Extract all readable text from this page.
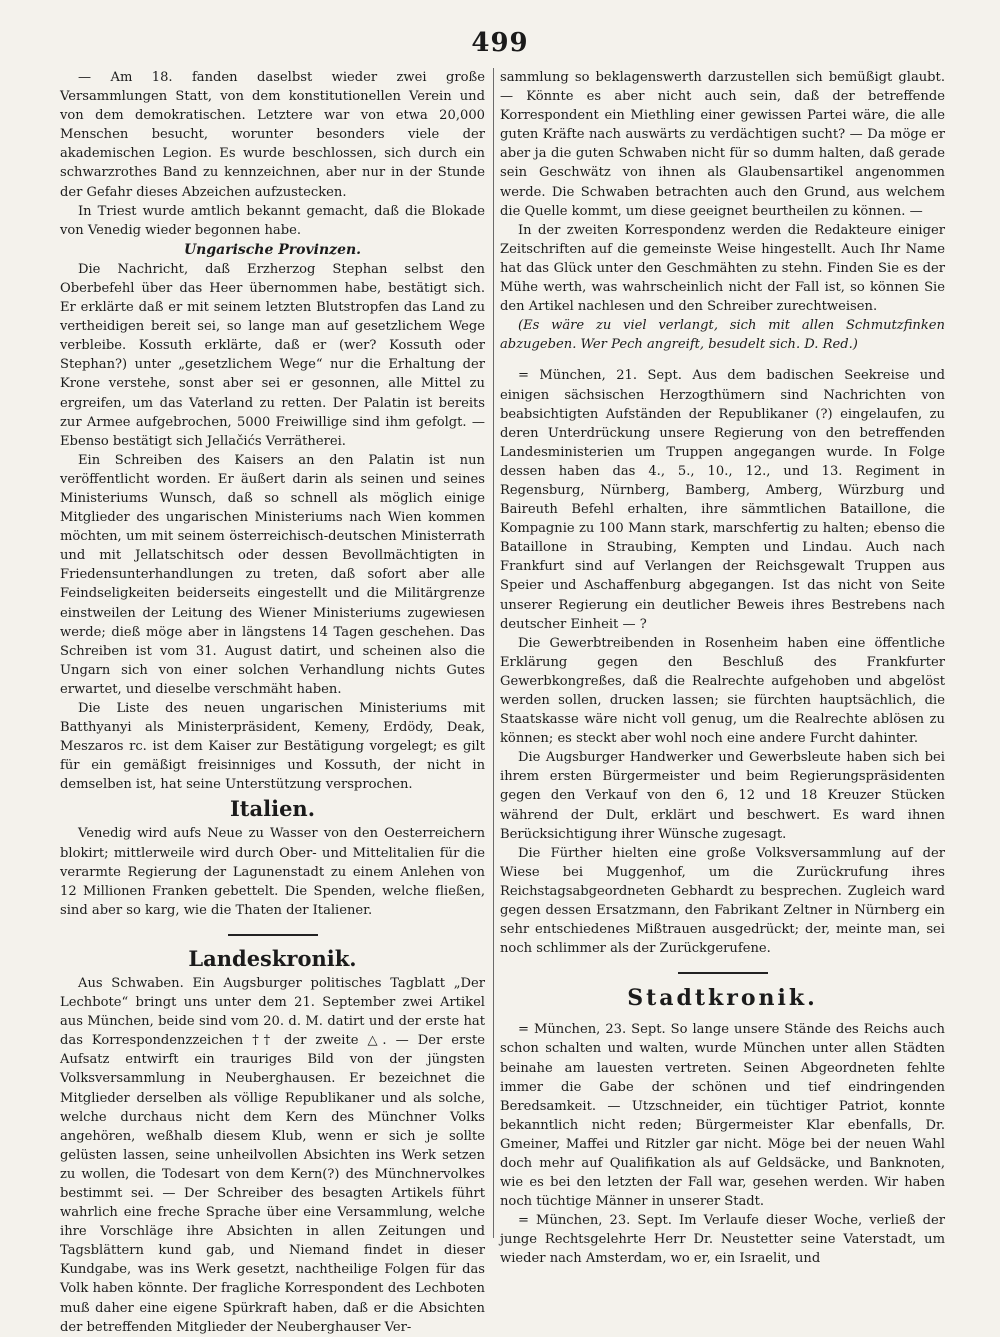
499

— Am 18. fanden daselbst wieder zwei große Versammlungen Statt, von dem konstitutionellen Verein und von dem demokratischen. Letztere war von etwa 20,000 Menschen besucht, worunter besonders viele der akademischen Legion. Es wurde beschlossen, sich durch ein schwarzrothes Band zu kennzeichnen, aber nur in der Stunde der Gefahr dieses Abzeichen aufzustecken.

In Triest wurde amtlich bekannt gemacht, daß die Blokade von Venedig wieder begonnen habe.

Ungarische Provinzen.

Die Nachricht, daß Erzherzog Stephan selbst den Oberbefehl über das Heer übernommen habe, bestätigt sich. Er erklärte daß er mit seinem letzten Blutstropfen das Land zu vertheidigen bereit sei, so lange man auf gesetzlichem Wege verbleibe. Kossuth erklärte, daß er (wer? Kossuth oder Stephan?) unter „gesetzlichem Wege“ nur die Erhaltung der Krone verstehe, sonst aber sei er gesonnen, alle Mittel zu ergreifen, um das Vaterland zu retten. Der Palatin ist bereits zur Armee aufgebrochen, 5000 Freiwillige sind ihm gefolgt. — Ebenso bestätigt sich Jellačićs Verrätherei.

Ein Schreiben des Kaisers an den Palatin ist nun veröffentlicht worden. Er äußert darin als seinen und seines Ministeriums Wunsch, daß so schnell als möglich einige Mitglieder des ungarischen Ministeriums nach Wien kommen möchten, um mit seinem österreichisch-deutschen Ministerrath und mit Jellatschitsch oder dessen Bevollmächtigten in Friedensunterhandlungen zu treten, daß sofort aber alle Feindseligkeiten beiderseits eingestellt und die Militärgrenze einstweilen der Leitung des Wiener Ministeriums zugewiesen werde; dieß möge aber in längstens 14 Tagen geschehen. Das Schreiben ist vom 31. August datirt, und scheinen also die Ungarn sich von einer solchen Verhandlung nichts Gutes erwartet, und dieselbe verschmäht haben.

Die Liste des neuen ungarischen Ministeriums mit Batthyanyi als Ministerpräsident, Kemeny, Erdödy, Deak, Meszaros rc. ist dem Kaiser zur Bestätigung vorgelegt; es gilt für ein gemäßigt freisinniges und Kossuth, der nicht in demselben ist, hat seine Unterstützung versprochen.

Italien.

Venedig wird aufs Neue zu Wasser von den Oesterreichern blokirt; mittlerweile wird durch Ober- und Mittelitalien für die verarmte Regierung der Lagunenstadt zu einem Anlehen von 12 Millionen Franken gebettelt. Die Spenden, welche fließen, sind aber so karg, wie die Thaten der Italiener.

Landeskronik.

Aus Schwaben. Ein Augsburger politisches Tagblatt „Der Lechbote“ bringt uns unter dem 21. September zwei Artikel aus München, beide sind vom 20. d. M. datirt und der erste hat das Korrespondenzzeichen †† der zweite △. — Der erste Aufsatz entwirft ein trauriges Bild von der jüngsten Volksversammlung in Neuberghausen. Er bezeichnet die Mitglieder derselben als völlige Republikaner und als solche, welche durchaus nicht dem Kern des Münchner Volks angehören, weßhalb diesem Klub, wenn er sich je sollte gelüsten lassen, seine unheilvollen Absichten ins Werk setzen zu wollen, die Todesart von dem Kern(?) des Münchnervolkes bestimmt sei. — Der Schreiber des besagten Artikels führt wahrlich eine freche Sprache über eine Versammlung, welche ihre Vorschläge ihre Absichten in allen Zeitungen und Tagsblättern kund gab, und Niemand findet in dieser Kundgabe, was ins Werk gesetzt, nachtheilige Folgen für das Volk haben könnte. Der fragliche Korrespondent des Lechboten muß daher eine eigene Spürkraft haben, daß er die Absichten der betreffenden Mitglieder der Neuberghauser Ver-

sammlung so beklagenswerth darzustellen sich bemüßigt glaubt. — Könnte es aber nicht auch sein, daß der betreffende Korrespondent ein Miethling einer gewissen Partei wäre, die alle guten Kräfte nach auswärts zu verdächtigen sucht? — Da möge er aber ja die guten Schwaben nicht für so dumm halten, daß gerade sein Geschwätz von ihnen als Glaubensartikel angenommen werde. Die Schwaben betrachten auch den Grund, aus welchem die Quelle kommt, um diese geeignet beurtheilen zu können. —

In der zweiten Korrespondenz werden die Redakteure einiger Zeitschriften auf die gemeinste Weise hingestellt. Auch Ihr Name hat das Glück unter den Geschmähten zu stehn. Finden Sie es der Mühe werth, was wahrscheinlich nicht der Fall ist, so können Sie den Artikel nachlesen und den Schreiber zurechtweisen.

(Es wäre zu viel verlangt, sich mit allen Schmutzfinken abzugeben. Wer Pech angreift, besudelt sich. D. Red.)

= München, 21. Sept. Aus dem badischen Seekreise und einigen sächsischen Herzogthümern sind Nachrichten von beabsichtigten Aufständen der Republikaner (?) eingelaufen, zu deren Unterdrückung unsere Regierung von den betreffenden Landesministerien um Truppen angegangen wurde. In Folge dessen haben das 4., 5., 10., 12., und 13. Regiment in Regensburg, Nürnberg, Bamberg, Amberg, Würzburg und Baireuth Befehl erhalten, ihre sämmtlichen Bataillone, die Kompagnie zu 100 Mann stark, marschfertig zu halten; ebenso die Bataillone in Straubing, Kempten und Lindau. Auch nach Frankfurt sind auf Verlangen der Reichsgewalt Truppen aus Speier und Aschaffenburg abgegangen. Ist das nicht von Seite unserer Regierung ein deutlicher Beweis ihres Bestrebens nach deutscher Einheit — ?

Die Gewerbtreibenden in Rosenheim haben eine öffentliche Erklärung gegen den Beschluß des Frankfurter Gewerbkongreßes, daß die Realrechte aufgehoben und abgelöst werden sollen, drucken lassen; sie fürchten hauptsächlich, die Staatskasse wäre nicht voll genug, um die Realrechte ablösen zu können; es steckt aber wohl noch eine andere Furcht dahinter.

Die Augsburger Handwerker und Gewerbsleute haben sich bei ihrem ersten Bürgermeister und beim Regierungspräsidenten gegen den Verkauf von den 6, 12 und 18 Kreuzer Stücken während der Dult, erklärt und beschwert. Es ward ihnen Berücksichtigung ihrer Wünsche zugesagt.

Die Fürther hielten eine große Volksversammlung auf der Wiese bei Muggenhof, um die Zurückrufung ihres Reichstagsabgeordneten Gebhardt zu besprechen. Zugleich ward gegen dessen Ersatzmann, den Fabrikant Zeltner in Nürnberg ein sehr entschiedenes Mißtrauen ausgedrückt; der, meinte man, sei noch schlimmer als der Zurückgerufene.

Stadtkronik.

= München, 23. Sept. So lange unsere Stände des Reichs auch schon schalten und walten, wurde München unter allen Städten beinahe am lauesten vertreten. Seinen Abgeordneten fehlte immer die Gabe der schönen und tief eindringenden Beredsamkeit. — Utzschneider, ein tüchtiger Patriot, konnte bekanntlich nicht reden; Bürgermeister Klar ebenfalls, Dr. Gmeiner, Maffei und Ritzler gar nicht. Möge bei der neuen Wahl doch mehr auf Qualifikation als auf Geldsäcke, und Banknoten, wie es bei den letzten der Fall war, gesehen werden. Wir haben noch tüchtige Männer in unserer Stadt.

= München, 23. Sept. Im Verlaufe dieser Woche, verließ der junge Rechtsgelehrte Herr Dr. Neustetter seine Vaterstadt, um wieder nach Amsterdam, wo er, ein Israelit, und
